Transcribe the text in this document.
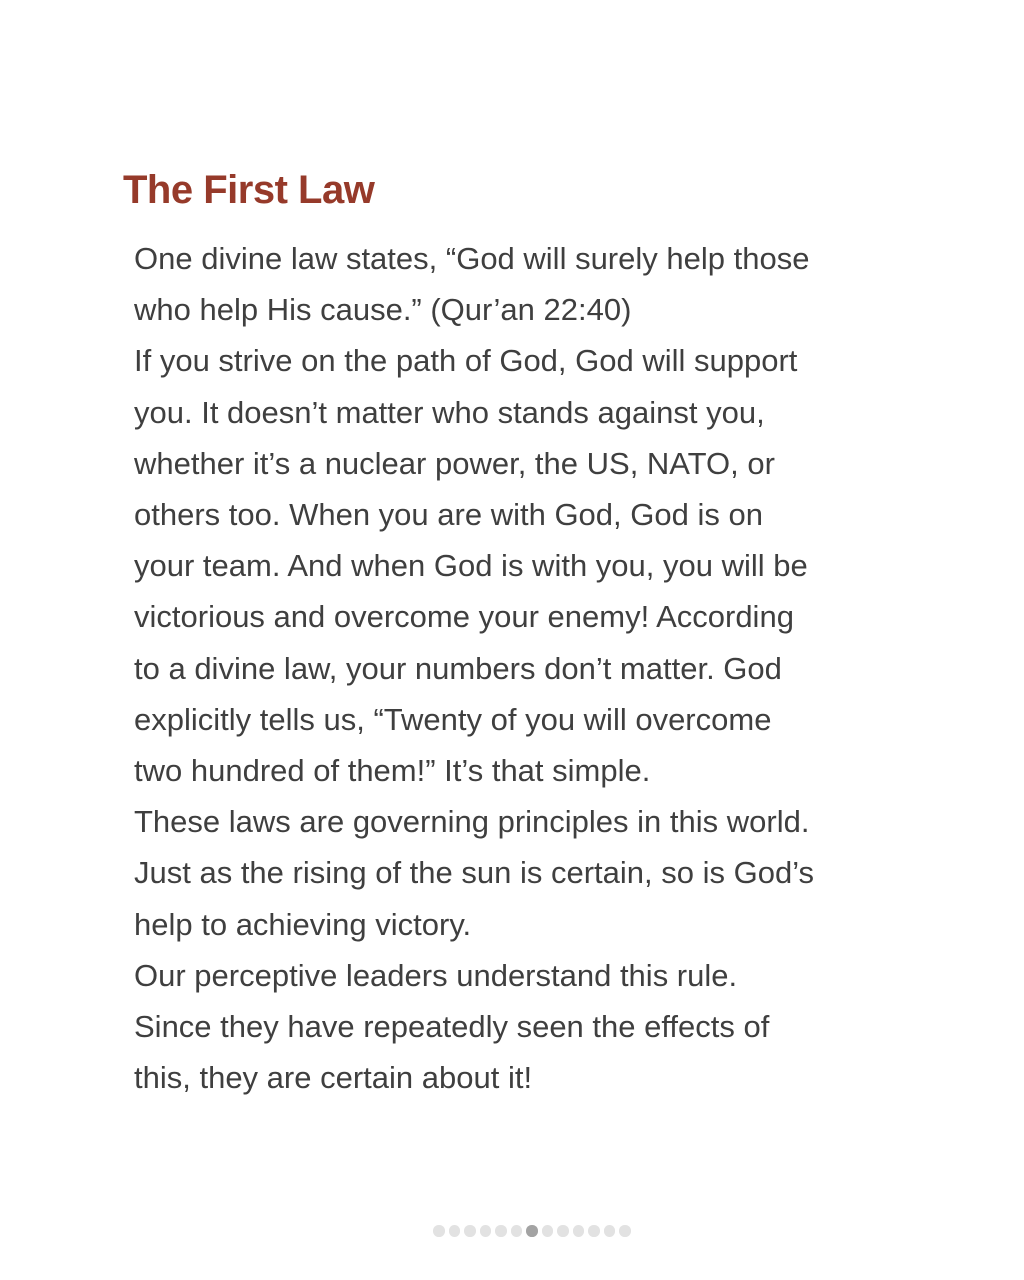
The First Law
One divine law states, “God will surely help those
who help His cause.” (Qur’an 22:40)
If you strive on the path of God, God will support
you. It doesn’t matter who stands against you,
whether it’s a nuclear power, the US, NATO, or
others too. When you are with God, God is on
your team. And when God is with you, you will be
victorious and overcome your enemy! According
to a divine law, your numbers don’t matter. God
explicitly tells us, “Twenty of you will overcome
two hundred of them!” It’s that simple.
These laws are governing principles in this world.
Just as the rising of the sun is certain, so is God’s
help to achieving victory.
Our perceptive leaders understand this rule.
Since they have repeatedly seen the effects of
this, they are certain about it!
